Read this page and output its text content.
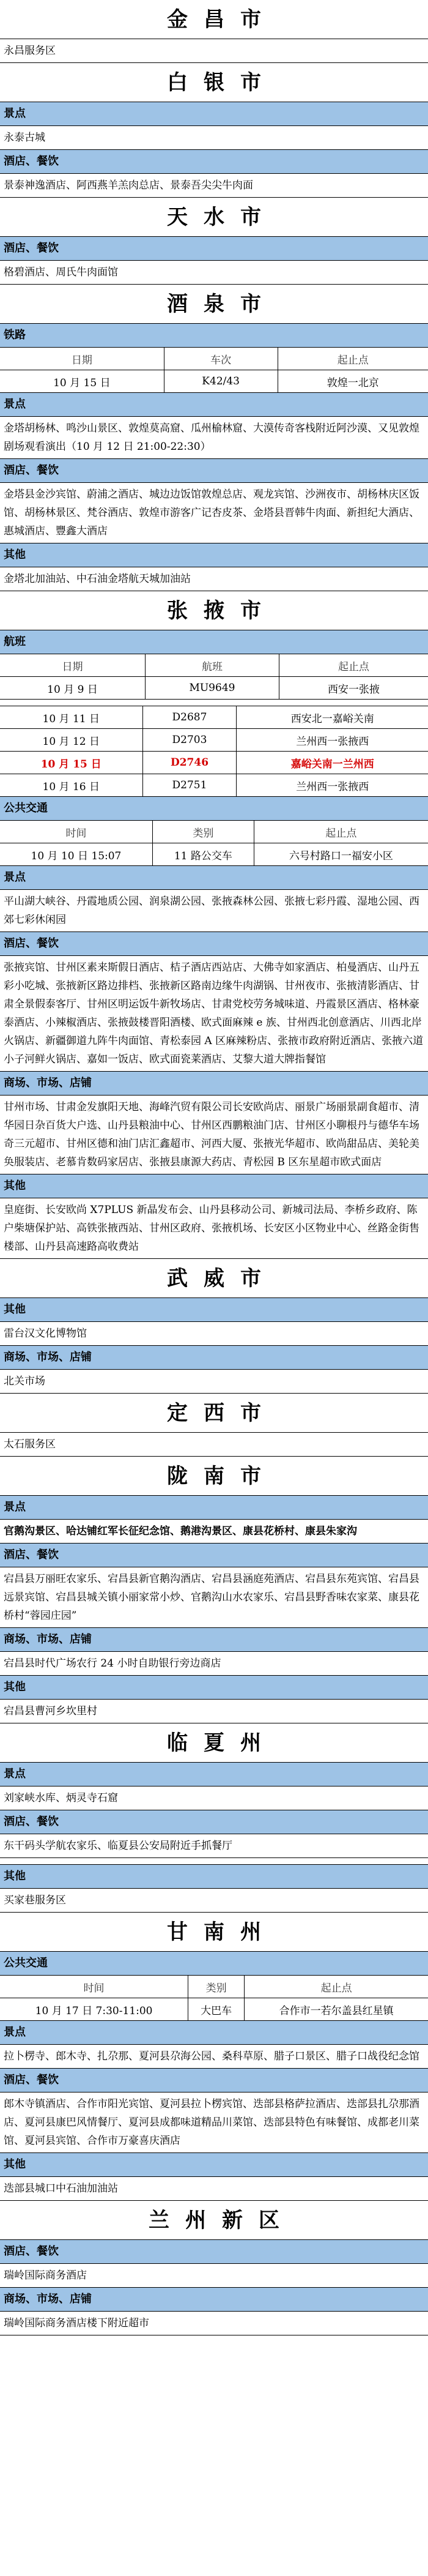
金昌市
永昌服务区
白银市
景点
永泰古城
酒店、餐饮
景泰神逸酒店、阿西燕羊羔肉总店、景泰吾尖尖牛肉面
天水市
酒店、餐饮
格碧酒店、周氏牛肉面馆
酒泉市
铁路
日期	车次	起止点
10 月 15 日	K42/43	敦煌一北京
景点
金塔胡杨林、鸣沙山景区、敦煌莫高窟、瓜州榆林窟、大漠传奇客栈附近阿沙漠、又见敦煌剧场观看演出（10 月 12 日 21:00-22:30）
酒店、餐饮
金塔县金沙宾馆、蔚浦之酒店、城边边饭馆敦煌总店、观龙宾馆、沙洲夜市、胡杨林庆区饭馆、胡杨林景区、梵谷酒店、敦煌市游客广记杏皮茶、金塔县晋韩牛肉面、新担纪大酒店、惠城酒店、豐鑫大酒店
其他
金塔北加油站、中石油金塔航天城加油站
张掖市
航班
日期	航班	起止点
10 月 9 日	MU9649	西安一张掖
10 月 11 日	D2687	西安北一嘉峪关南
10 月 12 日	D2703	兰州西一张掖西
10 月 15 日	D2746	嘉峪关南一兰州西
10 月 16 日	D2751	兰州西一张掖西
公共交通
时间	类别	起止点
10 月 10 日 15:07	11 路公交车	六号村路口一福安小区
景点
平山湖大峡谷、丹霞地质公园、润泉湖公园、张掖森林公园、张掖七彩丹霞、湿地公园、西郊七彩休闲园
酒店、餐饮
张掖宾馆、甘州区素来斯假日酒店、桔子酒店西站店、大佛寺如家酒店、柏曼酒店、山丹五彩小吃城、张掖新区路边排档、张掖新区路南边缘牛肉湖锅、甘州夜市、张掖清影酒店、甘肃全景假泰客厅、甘州区明运饭牛新牧场店、甘肃党校劳务城味道、丹霞景区酒店、格林豪泰酒店、小辣椒酒店、张掖鼓楼晋阳酒楼、欧式面麻辣 e 族、甘州西北创意酒店、川西北岸火锅店、新疆御道九阵牛肉面馆、青松泰园 A 区麻辣粉店、张掖市政府附近酒店、张掖六道小子河鲜火锅店、嘉如一饭店、欧式面瓷莱酒店、艾黎大道大牌指餐馆
商场、市场、店铺
甘州市场、甘肃金发旗阳天地、海峰汽贸有限公司长安欧尚店、丽景广场丽景副食超市、清华园日杂百货大户选、山丹县粮油中心、甘州区西鹏粮油门店、甘州区小聊根丹与德华车场奇三元超市、甘州区德和油门店汇鑫超市、河西大厦、张掖光华超市、欧尚甜品店、美轮美奂服装店、老慕肯数码家居店、张掖县康源大药店、青松园 B 区东星超市欧式面店
其他
皇庭街、长安欧尚 X7PLUS 新晶发布会、山丹县移动公司、新城司法局、李桥乡政府、陈户柴塘保护站、高铁张掖西站、甘州区政府、张掖机场、长安区小区物业中心、丝路金街售楼部、山丹县高速路高收费站
武威市
其他
雷台汉文化博物馆
商场、市场、店铺
北关市场
定西市
太石服务区
陇南市
景点
官鹅沟景区、哈达铺红军长征纪念馆、鹅港沟景区、康县花桥村、康县朱家沟
酒店、餐饮
宕昌县万丽旺农家乐、宕昌县新官鹅沟酒店、宕昌县涵庭苑酒店、宕昌县东苑宾馆、宕昌县远景宾馆、宕昌县城关镇小丽家常小炒、官鹅沟山水农家乐、宕昌县野香味农家菜、康县花桥村“蓉园庄园”
商场、市场、店铺
宕昌县时代广场农行 24 小时自助银行旁边商店
其他
宕昌县曹河乡坎里村
临夏州
景点
刘家峡水库、炳灵寺石窟
酒店、餐饮
东干码头学航农家乐、临夏县公安局附近手抓餐厅
其他
买家巷服务区
甘南州
公共交通
时间	类别	起止点
10 月 17 日 7:30-11:00	大巴车	合作市一若尔盖县红星镇
景点
拉卜楞寺、郎木寺、扎尕那、夏河县尕海公园、桑科草原、腊子口景区、腊子口战役纪念馆
酒店、餐饮
郎木寺镇酒店、合作市阳光宾馆、夏河县拉卜楞宾馆、迭部县格萨拉酒店、迭部县扎尕那酒店、夏河县康巴风情餐厅、夏河县成都味道精品川菜馆、迭部县特色有味餐馆、成都老川菜馆、夏河县宾馆、合作市万豪喜庆酒店
其他
迭部县城口中石油加油站
兰州新区
酒店、餐饮
瑞岭国际商务酒店
商场、市场、店铺
瑞岭国际商务酒店楼下附近超市
